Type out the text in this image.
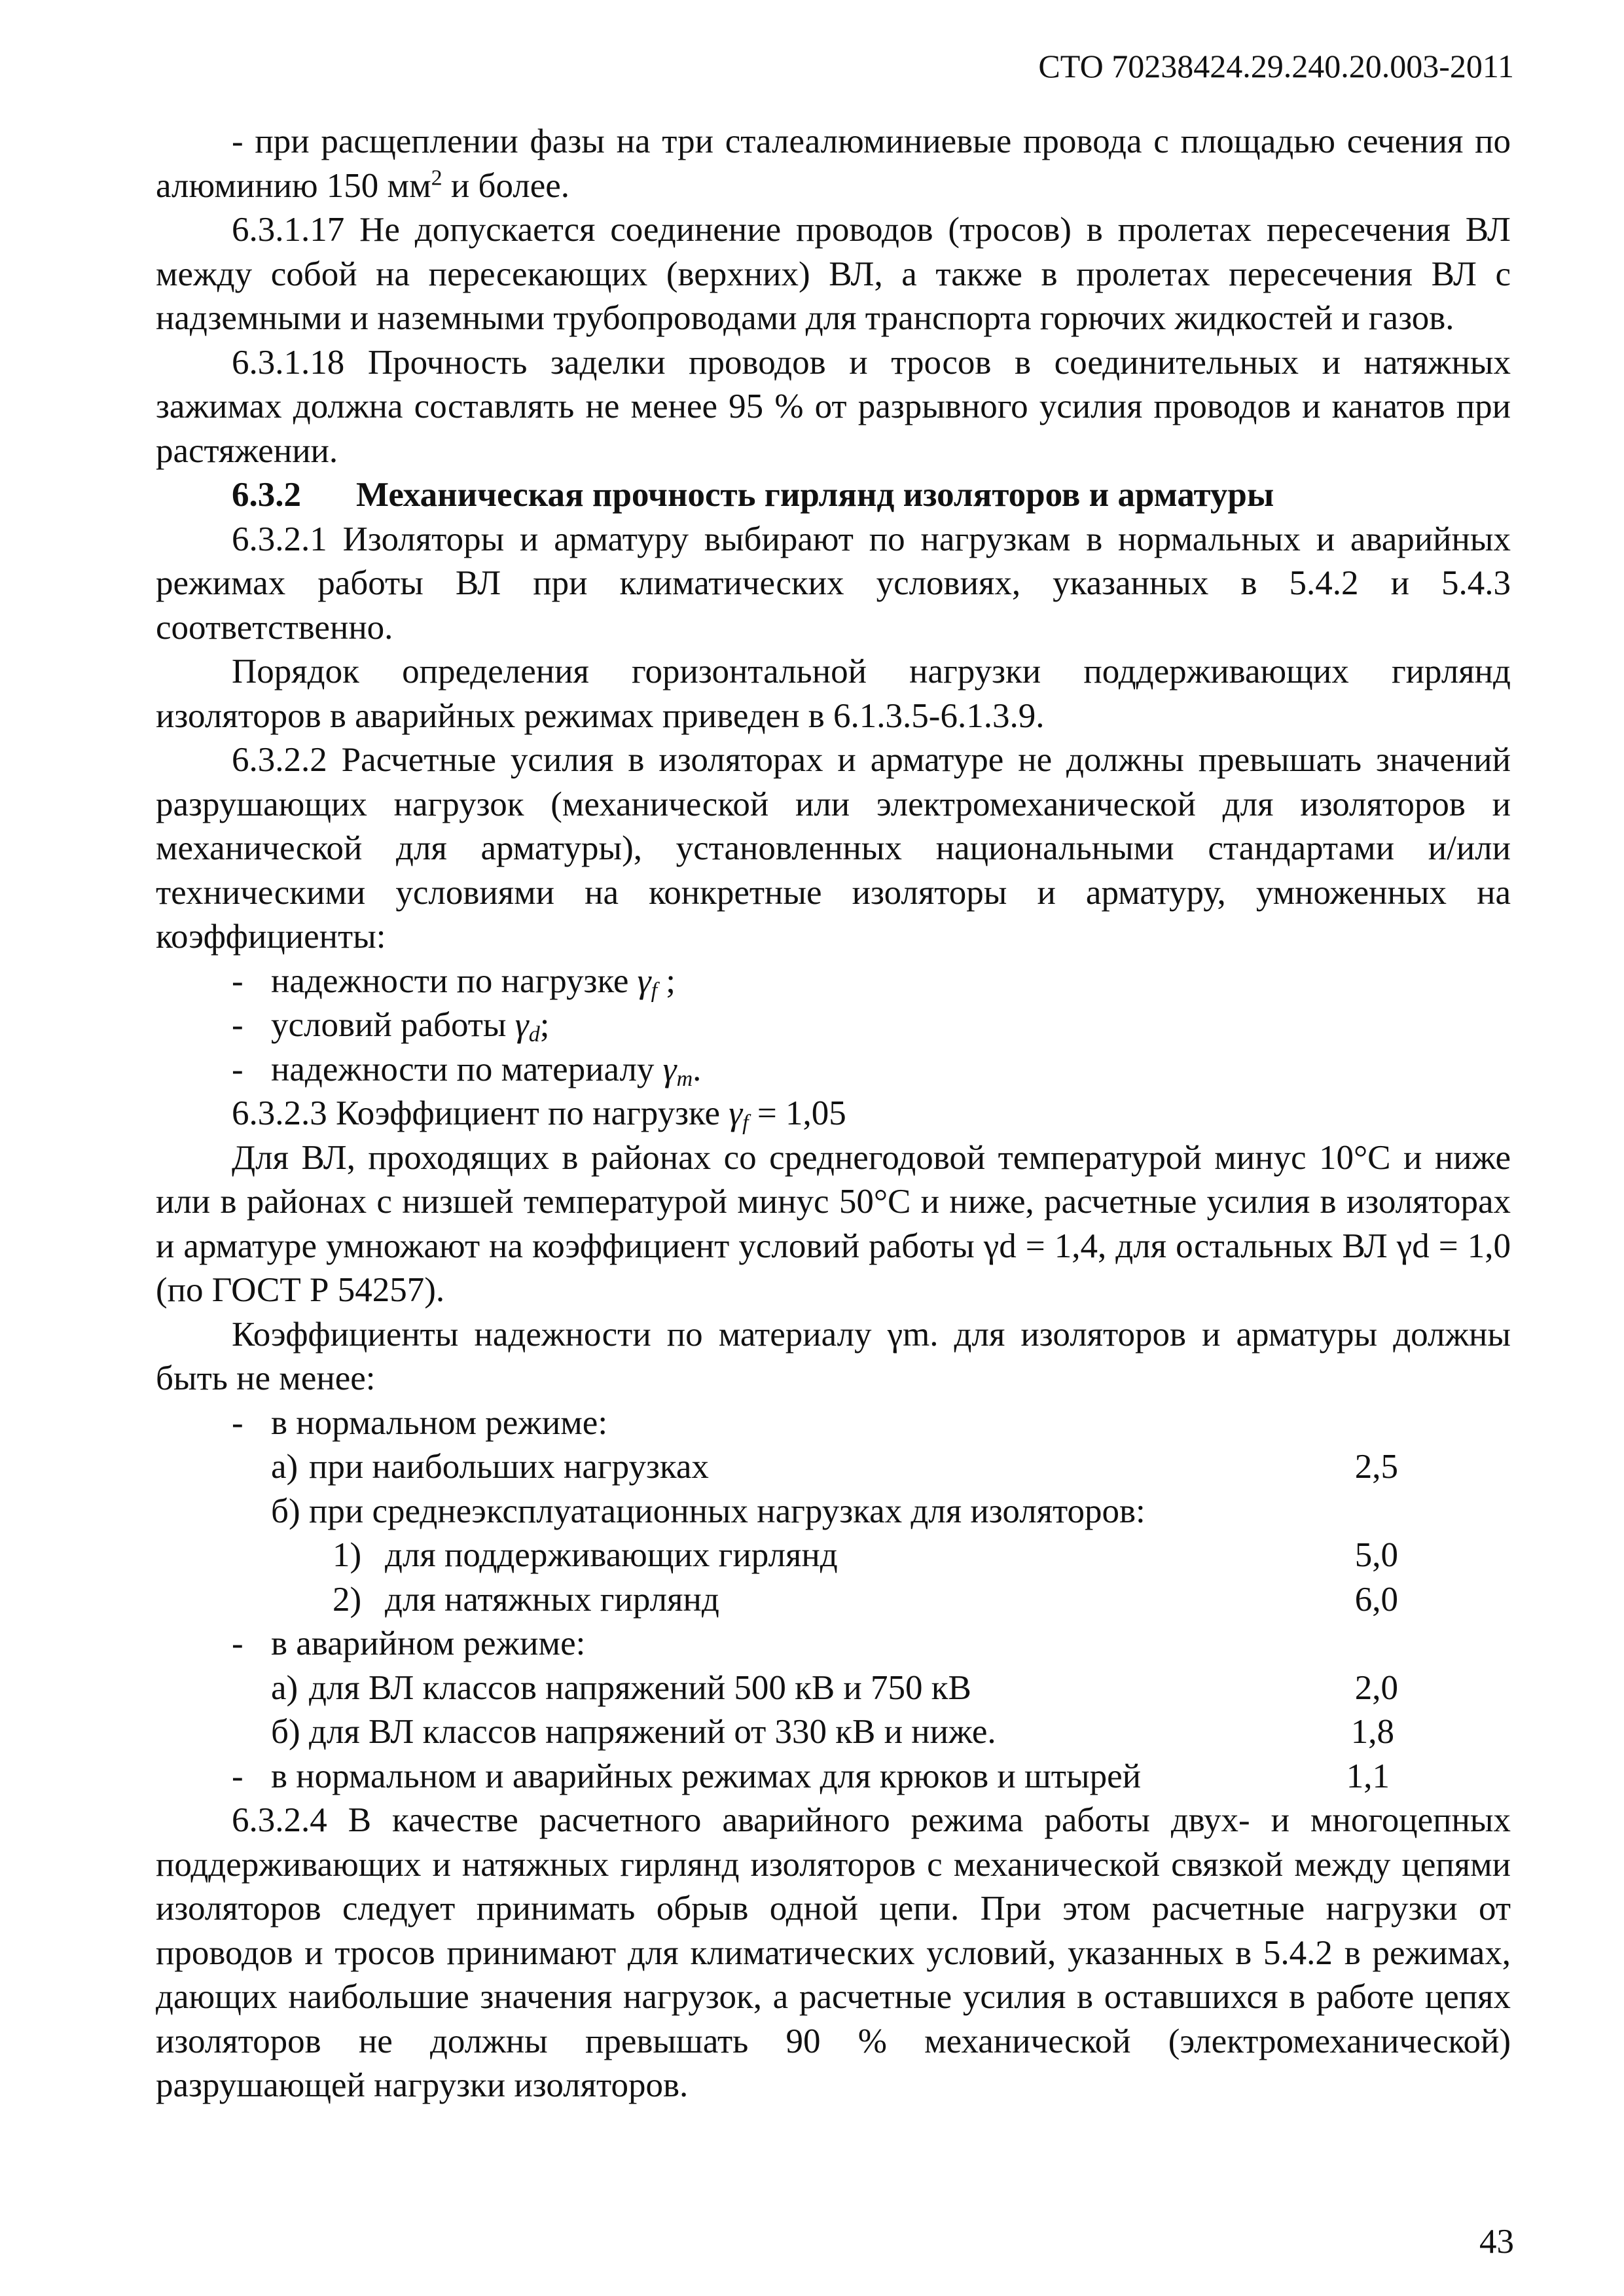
СТО 70238424.29.240.20.003-2011
- при расщеплении фазы на три сталеалюминиевые провода с площадью сечения по алюминию 150 $мм^2$ и более.
6.3.1.17 Не допускается соединение проводов (тросов) в пролетах пересечения ВЛ между собой на пересекающих (верхних) ВЛ, а также в пролетах пересечения ВЛ с надземными и наземными трубопроводами для транспорта горючих жидкостей и газов.
6.3.1.18 Прочность заделки проводов и тросов в соединительных и натяжных зажимах должна составлять не менее 95 % от разрывного усилия проводов и канатов при растяжении.
6.3.2 Механическая прочность гирлянд изоляторов и арматуры
6.3.2.1 Изоляторы и арматуру выбирают по нагрузкам в нормальных и аварийных режимах работы ВЛ при климатических условиях, указанных в 5.4.2 и 5.4.3 соответственно.
Порядок определения горизонтальной нагрузки поддерживающих гирлянд изоляторов в аварийных режимах приведен в 6.1.3.5-6.1.3.9.
6.3.2.2 Расчетные усилия в изоляторах и арматуре не должны превышать значений разрушающих нагрузок (механической или электромеханической для изоляторов и механической для арматуры), установленных национальными стандартами и/или техническими условиями на конкретные изоляторы и арматуру, умноженных на коэффициенты:
- надежности по нагрузке $\gamma_f$ ;
- условий работы $\gamma_d$;
- надежности по материалу $\gamma_m$.
6.3.2.3 Коэффициент по нагрузке $\gamma_f = 1,05$
Для ВЛ, проходящих в районах со среднегодовой температурой минус 10°С и ниже или в районах с низшей температурой минус 50°С и ниже, расчетные усилия в изоляторах и арматуре умножают на коэффициент условий работы γd = 1,4, для остальных ВЛ γd = 1,0 (по ГОСТ Р 54257).
Коэффициенты надежности по материалу γm. для изоляторов и арматуры должны быть не менее:
- в нормальном режиме:
а) при наибольших нагрузках	2,5
б) при среднеэксплуатационных нагрузках для изоляторов:
1) для поддерживающих гирлянд	5,0
2) для натяжных гирлянд	6,0
- в аварийном режиме:
а) для ВЛ классов напряжений 500 кВ и 750 кВ	2,0
б) для ВЛ классов напряжений от 330 кВ и ниже.	1,8
- в нормальном и аварийных режимах для крюков и штырей	1,1
6.3.2.4 В качестве расчетного аварийного режима работы двух- и многоцепных поддерживающих и натяжных гирлянд изоляторов с механической связкой между цепями изоляторов следует принимать обрыв одной цепи. При этом расчетные нагрузки от проводов и тросов принимают для климатических условий, указанных в 5.4.2 в режимах, дающих наибольшие значения нагрузок, а расчетные усилия в оставшихся в работе цепях изоляторов не должны превышать 90 % механической (электромеханической) разрушающей нагрузки изоляторов.
43
